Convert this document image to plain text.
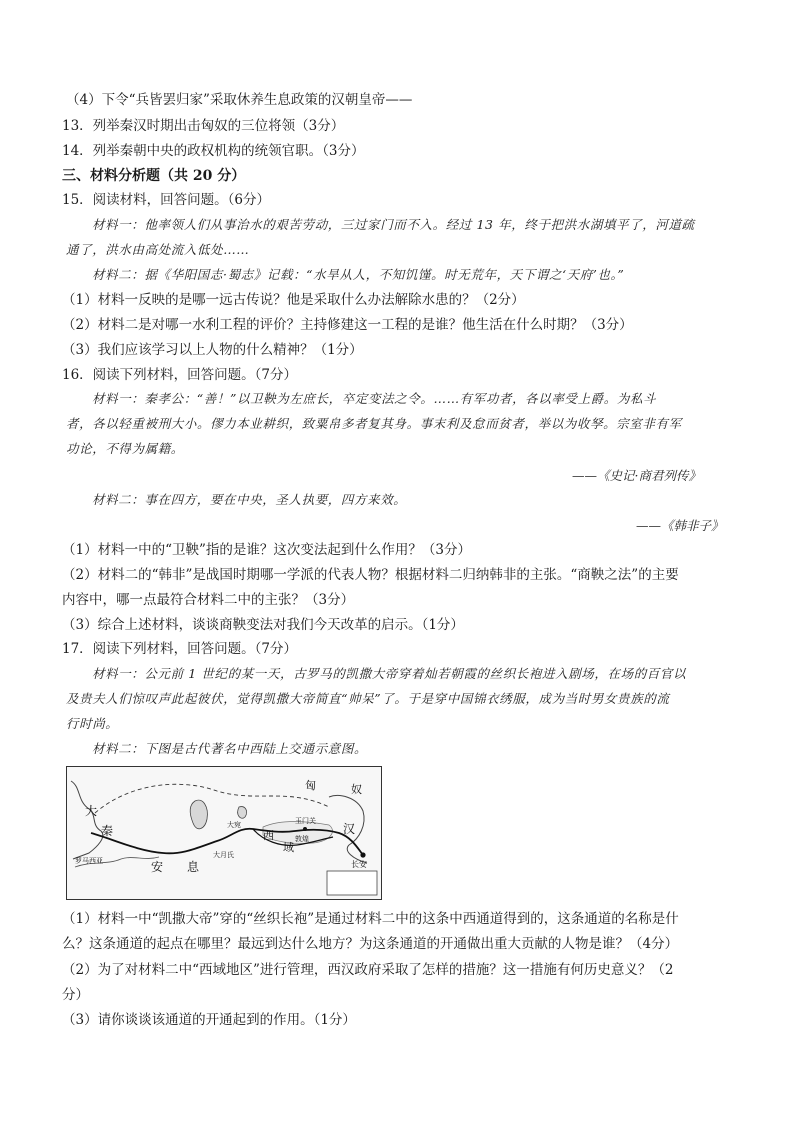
（4）下令“兵皆罢归家”采取休养生息政策的汉朝皇帝——
13．列举秦汉时期出击匈奴的三位将领（3分）
14．列举秦朝中央的政权机构的统领官职。（3分）
三、材料分析题（共 20 分）
15．阅读材料，回答问题。（6分）
材料一：他率领人们从事治水的艰苦劳动，三过家门而不入。经过 13 年，终于把洪水湖填平了，河道疏
通了，洪水由高处流入低处……
材料二：据《华阳国志·蜀志》记载：“水旱从人，不知饥馑。时无荒年，天下谓之‘天府’也。”
（1）材料一反映的是哪一远古传说？他是采取什么办法解除水患的？（2分）
（2）材料二是对哪一水利工程的评价？主持修建这一工程的是谁？他生活在什么时期？（3分）
（3）我们应该学习以上人物的什么精神？（1分）
16．阅读下列材料，回答问题。（7分）
材料一：秦孝公：“善！”以卫鞅为左庶长，卒定变法之令。……有军功者，各以率受上爵。为私斗
者，各以轻重被刑大小。僇力本业耕织，致粟帛多者复其身。事末利及怠而贫者，举以为收孥。宗室非有军
功论，不得为属籍。
——《史记·商君列传》
材料二：事在四方，要在中央，圣人执要，四方来效。
——《韩非子》
（1）材料一中的“卫鞅”指的是谁？这次变法起到什么作用？（3分）
（2）材料二的“韩非”是战国时期哪一学派的代表人物？根据材料二归纳韩非的主张。“商鞅之法”的主要
内容中，哪一点最符合材料二中的主张？（3分）
（3）综合上述材料，谈谈商鞅变法对我们今天改革的启示。（1分）
17．阅读下列材料，回答问题。（7分）
材料一：公元前 1 世纪的某一天，古罗马的凯撒大帝穿着灿若朝霞的丝织长袍进入剧场，在场的百官以
及贵夫人们惊叹声此起彼伏，觉得凯撒大帝简直“帅呆”了。于是穿中国锦衣绣服，成为当时男女贵族的流
行时尚。
材料二：下图是古代著名中西陆上交通示意图。
匈	奴
大
秦
罗马西亚	安 息
大宛
大月氏
西
域
敦煌
玉门关
汉
长安
（1）材料一中“凯撒大帝”穿的“丝织长袍”是通过材料二中的这条中西通道得到的，这条通道的名称是什
么？这条通道的起点在哪里？最远到达什么地方？为这条通道的开通做出重大贡献的人物是谁？（4分）
（2）为了对材料二中“西域地区”进行管理，西汉政府采取了怎样的措施？这一措施有何历史意义？（2
分）
（3）请你谈谈该通道的开通起到的作用。（1分）
